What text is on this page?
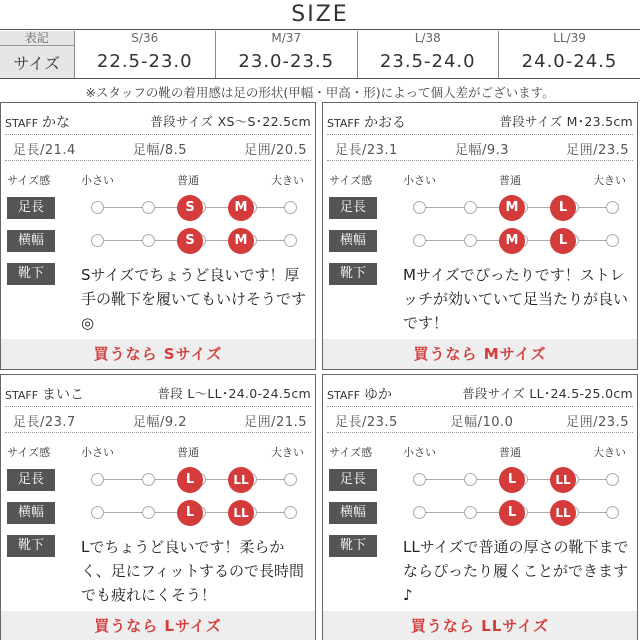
SIZE
表記	S/36	M/37	L/38	LL/39
サイズ	22.5-23.0	23.0-23.5	23.5-24.0	24.0-24.5
※スタッフの靴の着用感は足の形状(甲幅・甲高・形)によって個人差がございます。
STAFF かな	普段サイズ XS〜S･22.5cm
足長/21.4	足幅/8.5	足囲/20.5
サイズ感	小さい	普通	大きい
足長	S	M
横幅	S	M
靴下	Sサイズでちょうど良いです！厚手の靴下を履いてもいけそうです◎
買うなら Sサイズ
STAFF かおる	普段サイズ M･23.5cm
足長/23.1	足幅/9.3	足囲/23.5
サイズ感	小さい	普通	大きい
足長	M	L
横幅	M	L
靴下	Mサイズでぴったりです！ストレッチが効いていて足当たりが良いです！
買うなら Mサイズ
STAFF まいこ	普段 L〜LL･24.0-24.5cm
足長/23.7	足幅/9.2	足囲/21.5
サイズ感	小さい	普通	大きい
足長	L	LL
横幅	L	LL
靴下	Lでちょうど良いです！柔らかく、足にフィットするので長時間でも疲れにくそう！
買うなら Lサイズ
STAFF ゆか	普段サイズ LL･24.5-25.0cm
足長/23.5	足幅/10.0	足囲/23.5
サイズ感	小さい	普通	大きい
足長	L	LL
横幅	L	LL
靴下	LLサイズで普通の厚さの靴下までならぴったり履くことができます♪
買うなら LLサイズ
